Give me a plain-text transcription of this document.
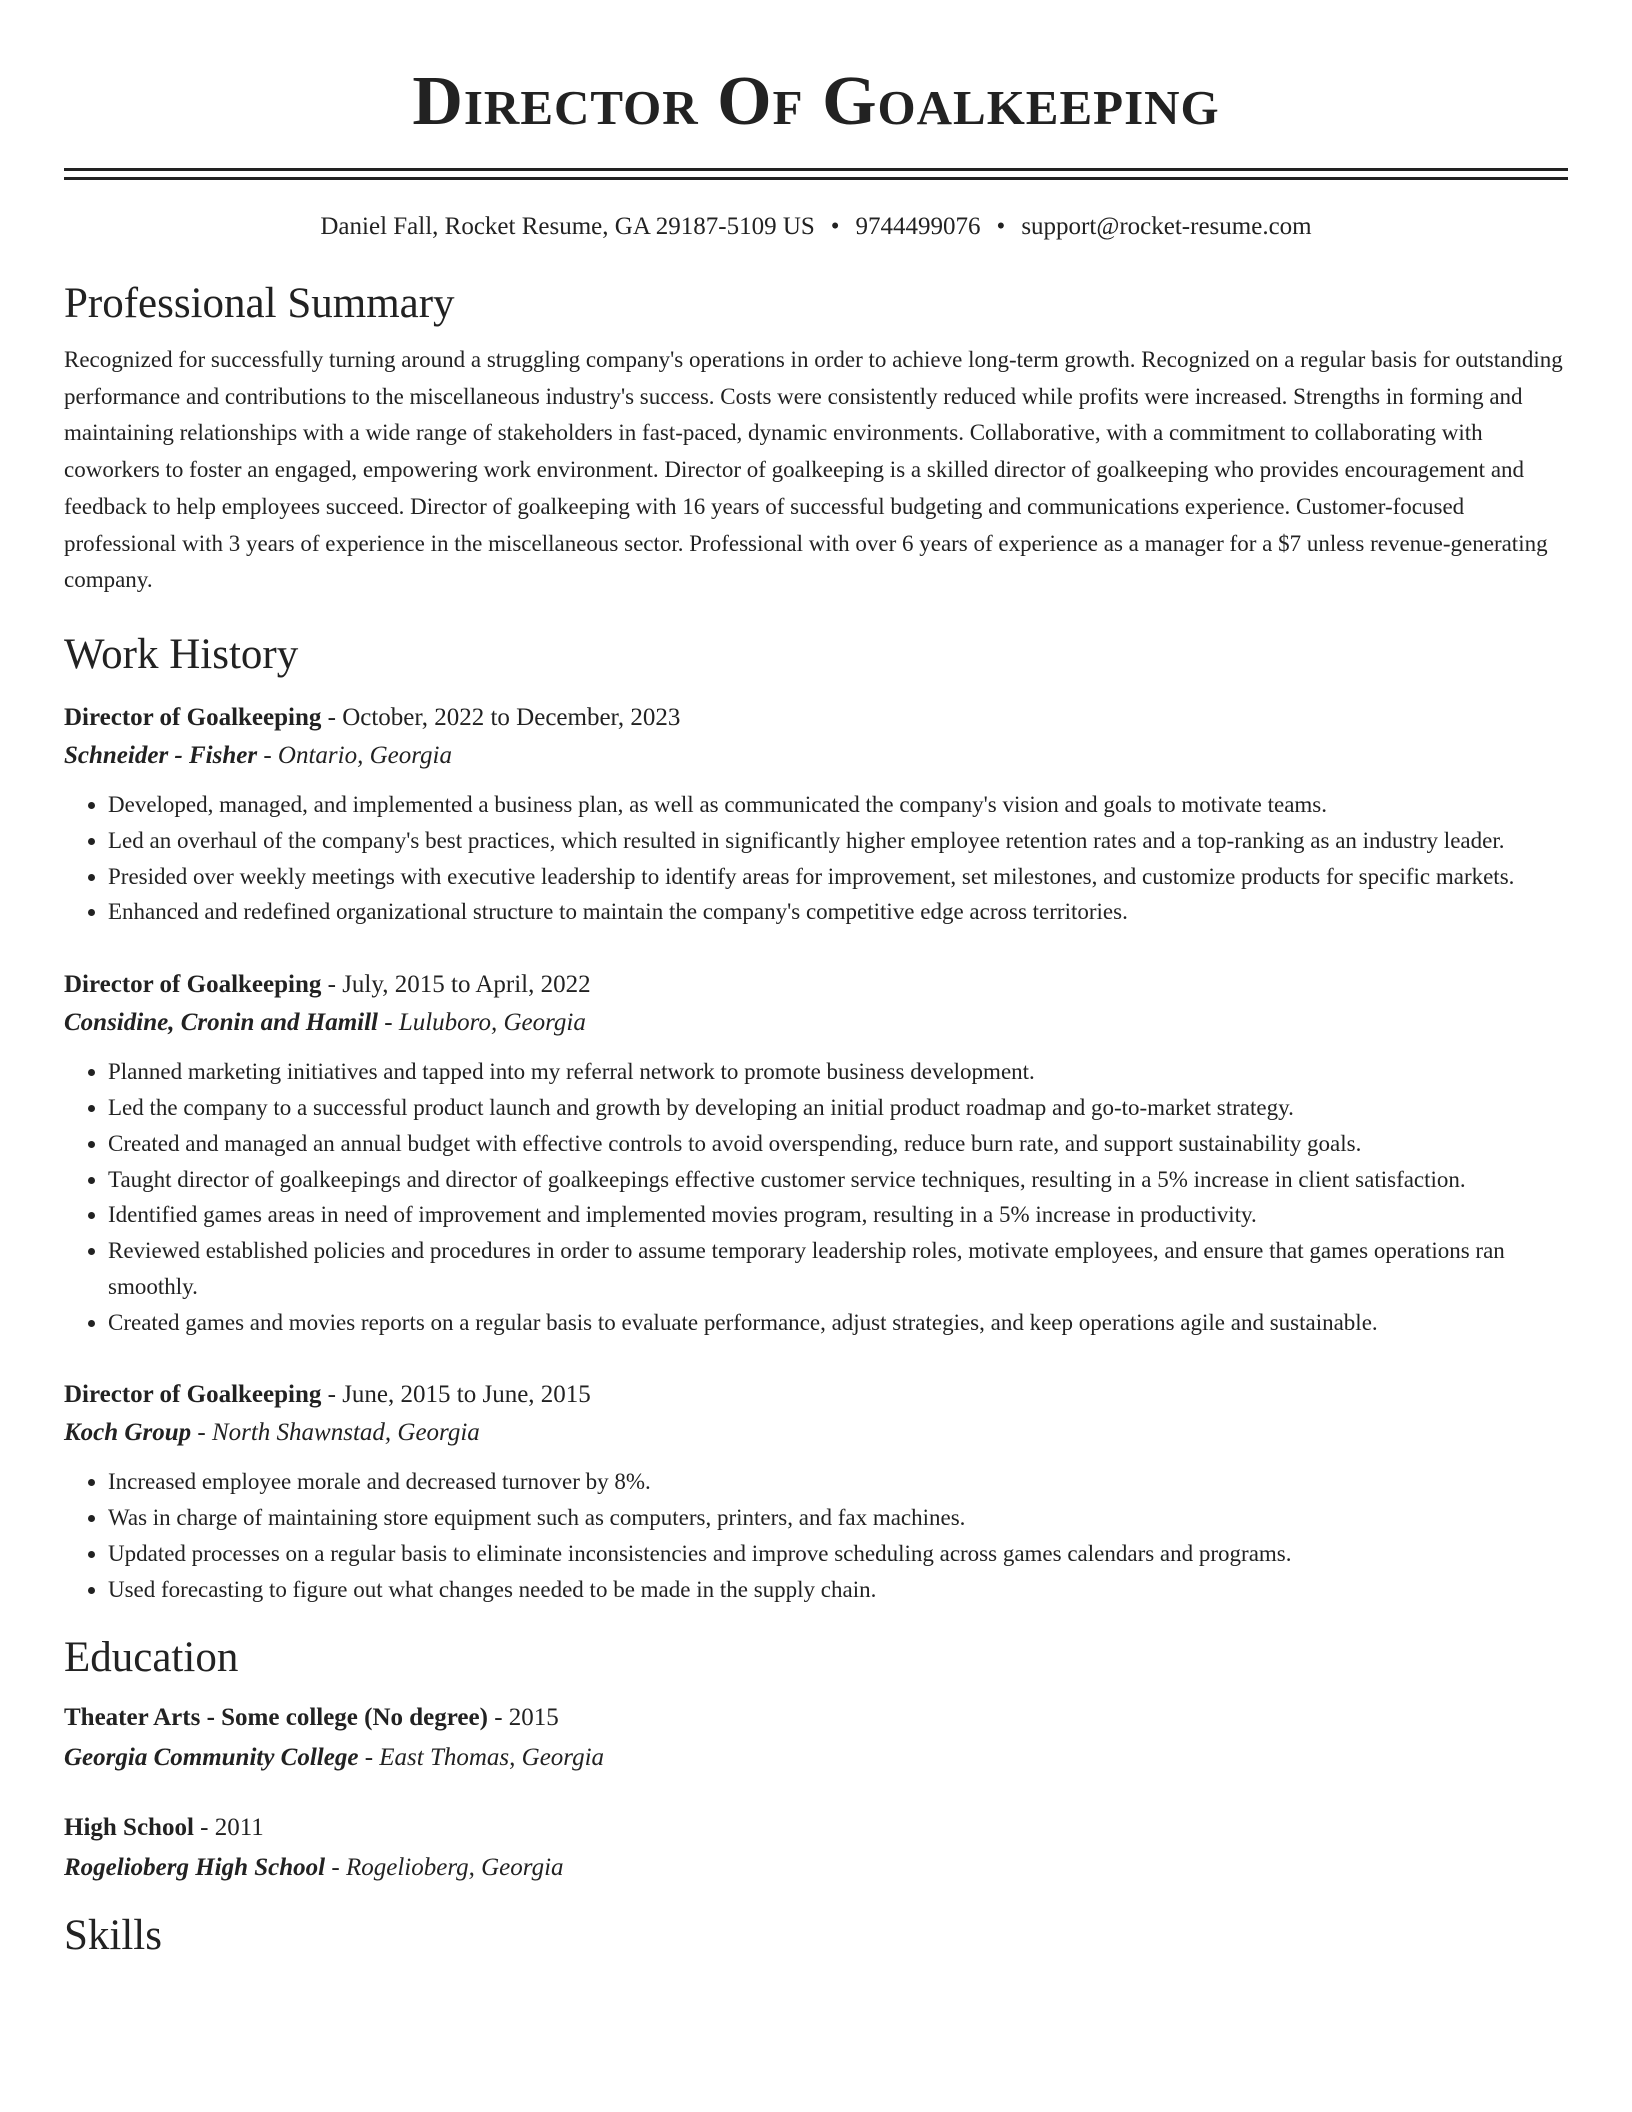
Director Of Goalkeeping
Daniel Fall, Rocket Resume, GA 29187-5109 US • 9744499076 • support@rocket-resume.com
Professional Summary

Recognized for successfully turning around a struggling company's operations in order to achieve long-term growth. Recognized on a regular basis for outstanding performance and contributions to the miscellaneous industry's success. Costs were consistently reduced while profits were increased. Strengths in forming and maintaining relationships with a wide range of stakeholders in fast-paced, dynamic environments. Collaborative, with a commitment to collaborating with coworkers to foster an engaged, empowering work environment. Director of goalkeeping is a skilled director of goalkeeping who provides encouragement and feedback to help employees succeed. Director of goalkeeping with 16 years of successful budgeting and communications experience. Customer-focused professional with 3 years of experience in the miscellaneous sector. Professional with over 6 years of experience as a manager for a $7 unless revenue-generating company.

Work History
Director of Goalkeeping - October, 2022 to December, 2023
Schneider - Fisher - Ontario, Georgia
• Developed, managed, and implemented a business plan, as well as communicated the company's vision and goals to motivate teams.
• Led an overhaul of the company's best practices, which resulted in significantly higher employee retention rates and a top-ranking as an industry leader.
• Presided over weekly meetings with executive leadership to identify areas for improvement, set milestones, and customize products for specific markets.
• Enhanced and redefined organizational structure to maintain the company's competitive edge across territories.
Director of Goalkeeping - July, 2015 to April, 2022
Considine, Cronin and Hamill - Luluboro, Georgia
• Planned marketing initiatives and tapped into my referral network to promote business development.
• Led the company to a successful product launch and growth by developing an initial product roadmap and go-to-market strategy.
• Created and managed an annual budget with effective controls to avoid overspending, reduce burn rate, and support sustainability goals.
• Taught director of goalkeepings and director of goalkeepings effective customer service techniques, resulting in a 5% increase in client satisfaction.
• Identified games areas in need of improvement and implemented movies program, resulting in a 5% increase in productivity.
• Reviewed established policies and procedures in order to assume temporary leadership roles, motivate employees, and ensure that games operations ran smoothly.
• Created games and movies reports on a regular basis to evaluate performance, adjust strategies, and keep operations agile and sustainable.
Director of Goalkeeping - June, 2015 to June, 2015
Koch Group - North Shawnstad, Georgia
• Increased employee morale and decreased turnover by 8%.
• Was in charge of maintaining store equipment such as computers, printers, and fax machines.
• Updated processes on a regular basis to eliminate inconsistencies and improve scheduling across games calendars and programs.
• Used forecasting to figure out what changes needed to be made in the supply chain.
Education
Theater Arts - Some college (No degree) - 2015
Georgia Community College - East Thomas, Georgia
High School - 2011
Rogelioberg High School - Rogelioberg, Georgia
Skills
